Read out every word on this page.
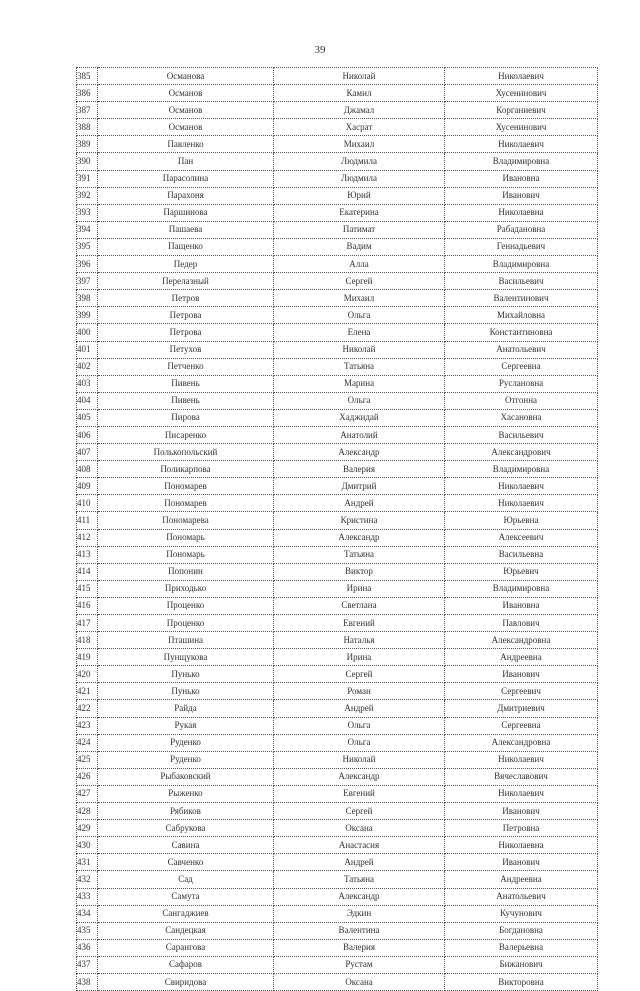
39
385	Османова	Николай	Николаевич
386	Османов	Камил	Хусенинович
387	Османов	Джамал	Корганиевич
388	Османов	Хасрат	Хусенинович
389	Павленко	Михаил	Николаевич
390	Пан	Людмила	Владимировна
391	Парасолина	Людмила	Ивановна
392	Парахоня	Юрий	Иванович
393	Паршинова	Екатерина	Николаевна
394	Пашаева	Патимат	Рабадановна
395	Пащенко	Вадим	Геннадьевич
396	Педер	Алла	Владимировна
397	Перелазный	Сергей	Васильевич
398	Петров	Михаил	Валентинович
399	Петрова	Ольга	Михайловна
400	Петрова	Елена	Константиновна
401	Петухов	Николай	Анатольевич
402	Петченко	Татьяна	Сергеевна
403	Пивень	Марина	Руслановна
404	Пивень	Ольга	Отгонна
405	Пирова	Хаджидай	Хасановна
406	Писаренко	Анатолий	Васильевич
407	Полькопольский	Александр	Александрович
408	Поликарпова	Валерия	Владимировна
409	Пономарев	Дмитрий	Николаевич
410	Пономарев	Андрей	Николаевич
411	Пономарева	Кристина	Юрьевна
412	Пономарь	Александр	Алексеевич
413	Пономарь	Татьяна	Васильевна
414	Попонин	Виктор	Юрьевич
415	Приходько	Ирина	Владимировна
416	Проценко	Светлана	Ивановна
417	Проценко	Евгений	Павлович
418	Пташина	Наталья	Александровна
419	Пунщукова	Ирина	Андреевна
420	Пунько	Сергей	Иванович
421	Пунько	Роман	Сергеевич
422	Райда	Андрей	Дмитриевич
423	Рукая	Ольга	Сергеевна
424	Руденко	Ольга	Александровна
425	Руденко	Николай	Николаевич
426	Рыбаковский	Александр	Вячеславович
427	Рыженко	Евгений	Николаевич
428	Рябиков	Сергей	Иванович
429	Сабрукова	Оксана	Петровна
430	Савина	Анастасия	Николаевна
431	Савченко	Андрей	Иванович
432	Сад	Татьяна	Андреевна
433	Самута	Александр	Анатольевич
434	Сангаджиев	Эдкин	Кучунович
435	Сандецкая	Валентина	Богдановна
436	Сарангова	Валерия	Валерьевна
437	Сафаров	Рустам	Бижанович
438	Свиридова	Оксана	Викторовна
